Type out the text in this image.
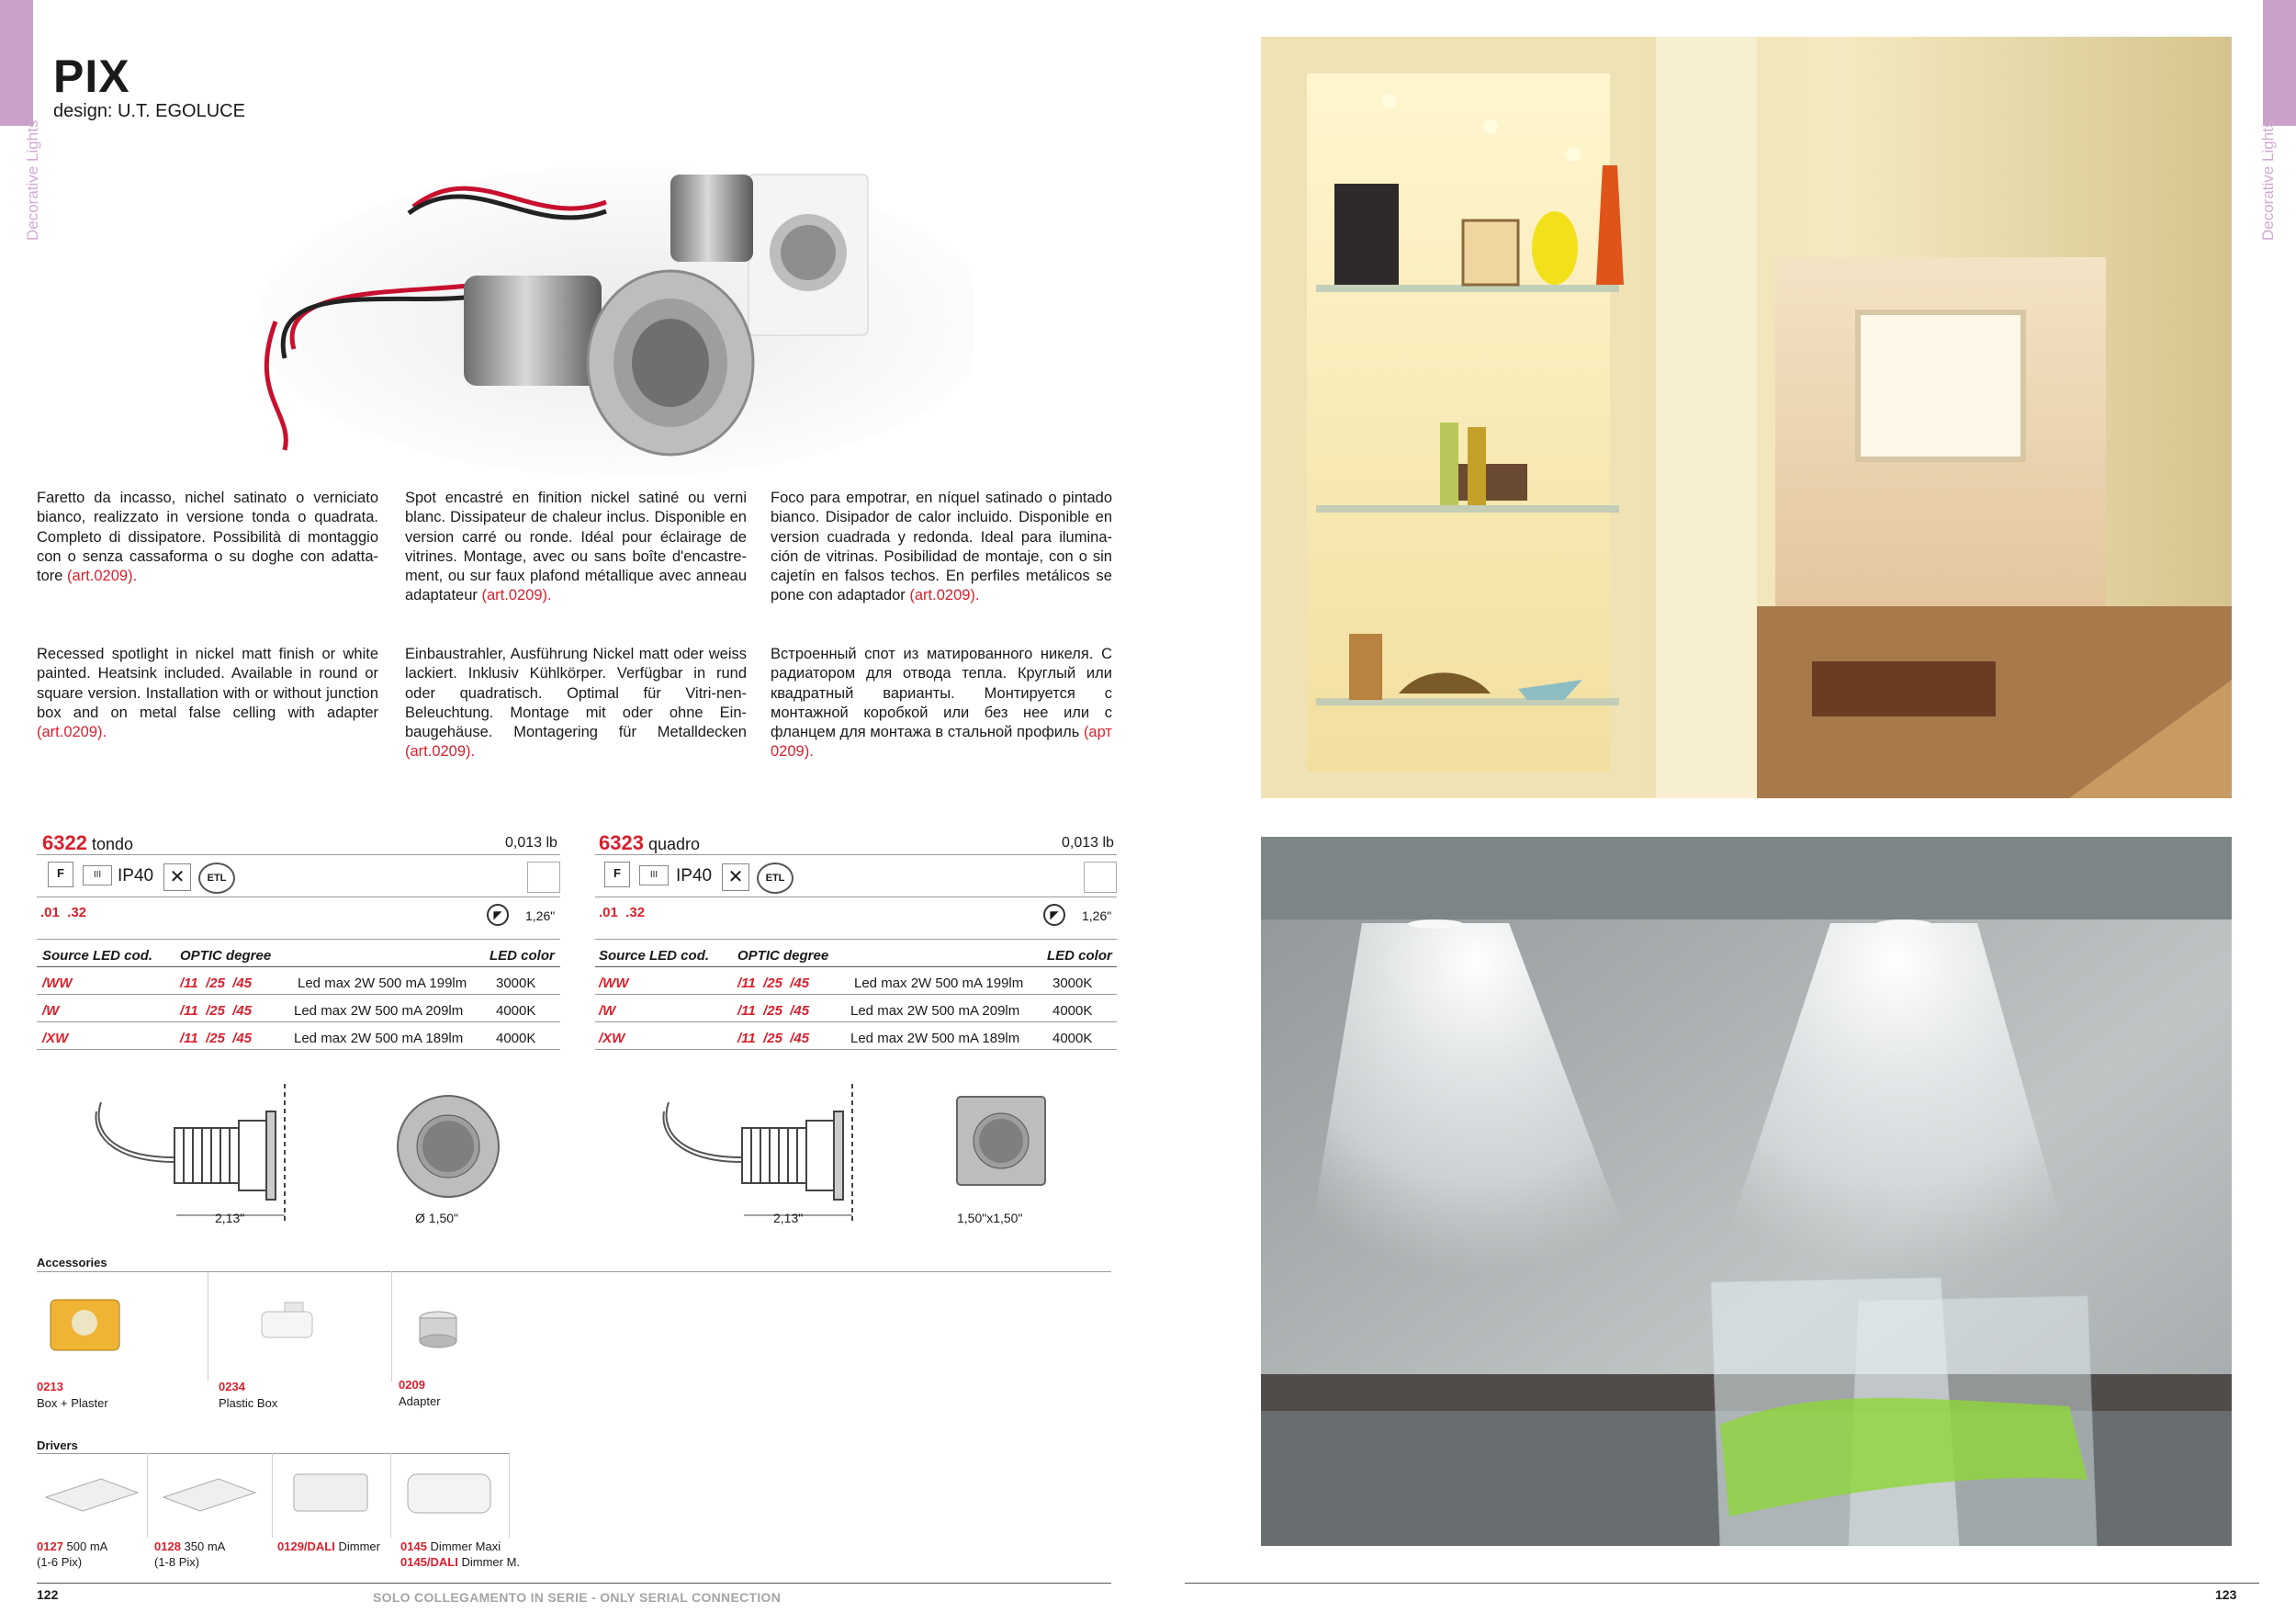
Decorative Lights	Decorative Lights
PIX
design: U.T. EGOLUCE
Faretto da incasso, nichel satinato o verniciato bianco, realizzato in versione tonda o quadrata. Completo di dissipatore. Possibilità di montaggio con o senza cassaforma o su doghe con adatta-tore (art.0209).
Spot encastré en finition nickel satiné ou verni blanc. Dissipateur de chaleur inclus. Disponible en version carré ou ronde. Idéal pour éclairage de vitrines. Montage, avec ou sans boîte d'encastre-ment, ou sur faux plafond métallique avec anneau adaptateur (art.0209).
Foco para empotrar, en níquel satinado o pintado bianco. Disipador de calor incluido. Disponible en version cuadrada y redonda. Ideal para ilumina-ción de vitrinas. Posibilidad de montaje, con o sin cajetín en falsos techos. En perfiles metálicos se pone con adaptador (art.0209).
Recessed spotlight in nickel matt finish or white painted. Heatsink included. Available in round or square version. Installation with or without junction box and on metal false celling with adapter (art.0209).
Einbaustrahler, Ausführung Nickel matt oder weiss lackiert. Inklusiv Kühlkörper. Verfügbar in rund oder quadratisch. Optimal für Vitri-nen-Beleuchtung. Montage mit oder ohne Ein-baugehäuse. Montagering für Metalldecken (art.0209).
Встроенный спот из матированного никеля. С радиатором для отвода тепла. Круглый или квадратный варианты. Монтируется с монтажной коробкой или без нее или с фланцем для монтажа в стальной профиль (арт 0209).
6322 tondo	0,013 lb
F	III IP40 ✕	ETL
.01  .32	◤	1,26"
Source LED cod. OPTIC degree	LED color
/WW	/11  /25  /45	Led max 2W 500 mA 199lm 3000K
/W	/11  /25  /45	Led max 2W 500 mA 209lm 4000K
/XW	/11  /25  /45	Led max 2W 500 mA 189lm 4000K
6323 quadro	0,013 lb
F	III	IP40 ✕	ETL
.01  .32	◤	1,26"
Source LED cod. OPTIC degree	LED color
/WW	/11  /25  /45	Led max 2W 500 mA 199lm 3000K
/W	/11  /25  /45	Led max 2W 500 mA 209lm 4000K
/XW	/11  /25  /45	Led max 2W 500 mA 189lm 4000K
2,13"	Ø 1,50"	2,13"	1,50"x1,50"
Accessories
0213
Box + Plaster
0234
Plastic Box
0209
Adapter
Drivers
0127 500 mA
(1-6 Pix)
0128 350 mA
(1-8 Pix)
0129/DALI Dimmer 0145 Dimmer Maxi
0145/DALI Dimmer M.
122	SOLO COLLEGAMENTO IN SERIE - ONLY SERIAL CONNECTION	123
